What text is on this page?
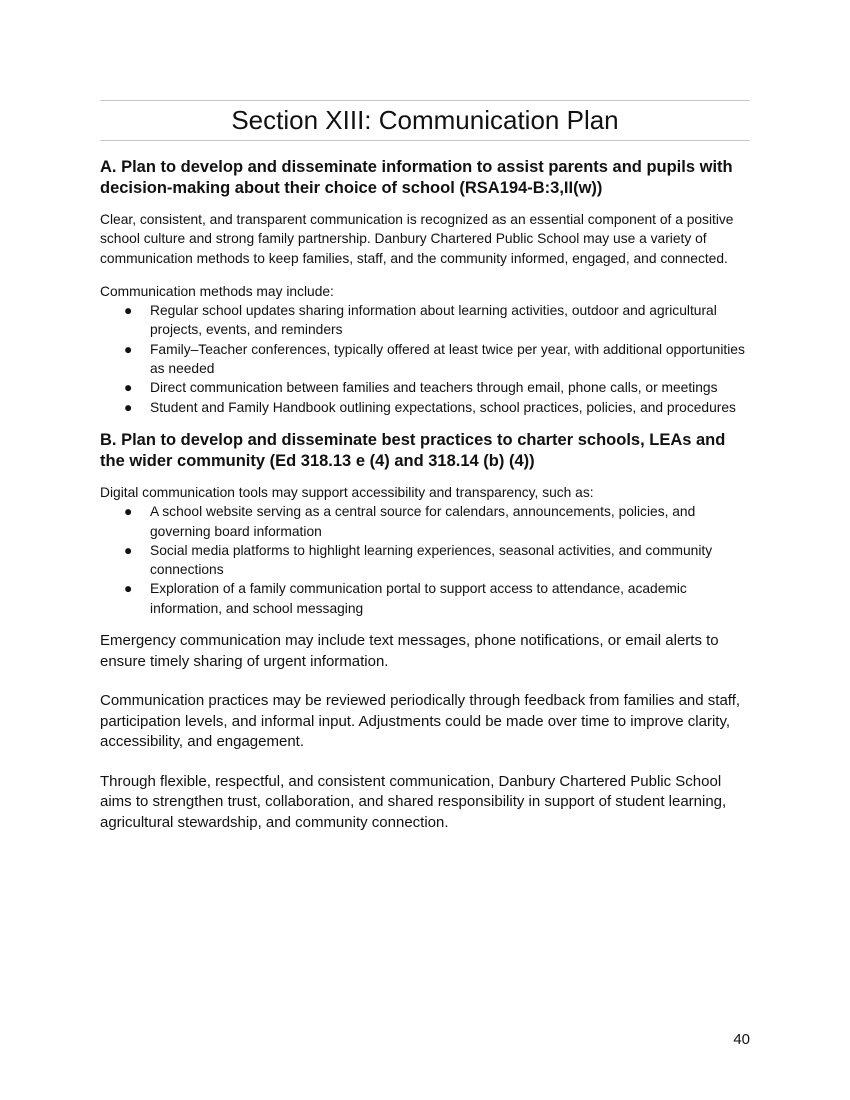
Section XIII: Communication Plan
A. Plan to develop and disseminate information to assist parents and pupils with decision-making about their choice of school (RSA194-B:3,II(w))

Clear, consistent, and transparent communication is recognized as an essential component of a positive school culture and strong family partnership. Danbury Chartered Public School may use a variety of communication methods to keep families, staff, and the community informed, engaged, and connected.

Communication methods may include:

●	Regular school updates sharing information about learning activities, outdoor and agricultural projects, events, and reminders
●	Family–Teacher conferences, typically offered at least twice per year, with additional opportunities as needed
●	Direct communication between families and teachers through email, phone calls, or meetings
●	Student and Family Handbook outlining expectations, school practices, policies, and procedures
B. Plan to develop and disseminate best practices to charter schools, LEAs and the wider community (Ed 318.13 e (4) and 318.14 (b) (4))

Digital communication tools may support accessibility and transparency, such as:

●	A school website serving as a central source for calendars, announcements, policies, and governing board information
●	Social media platforms to highlight learning experiences, seasonal activities, and community connections
●	Exploration of a family communication portal to support access to attendance, academic information, and school messaging

Emergency communication may include text messages, phone notifications, or email alerts to ensure timely sharing of urgent information.

Communication practices may be reviewed periodically through feedback from families and staff, participation levels, and informal input. Adjustments could be made over time to improve clarity, accessibility, and engagement.

Through flexible, respectful, and consistent communication, Danbury Chartered Public School aims to strengthen trust, collaboration, and shared responsibility in support of student learning, agricultural stewardship, and community connection.

40
